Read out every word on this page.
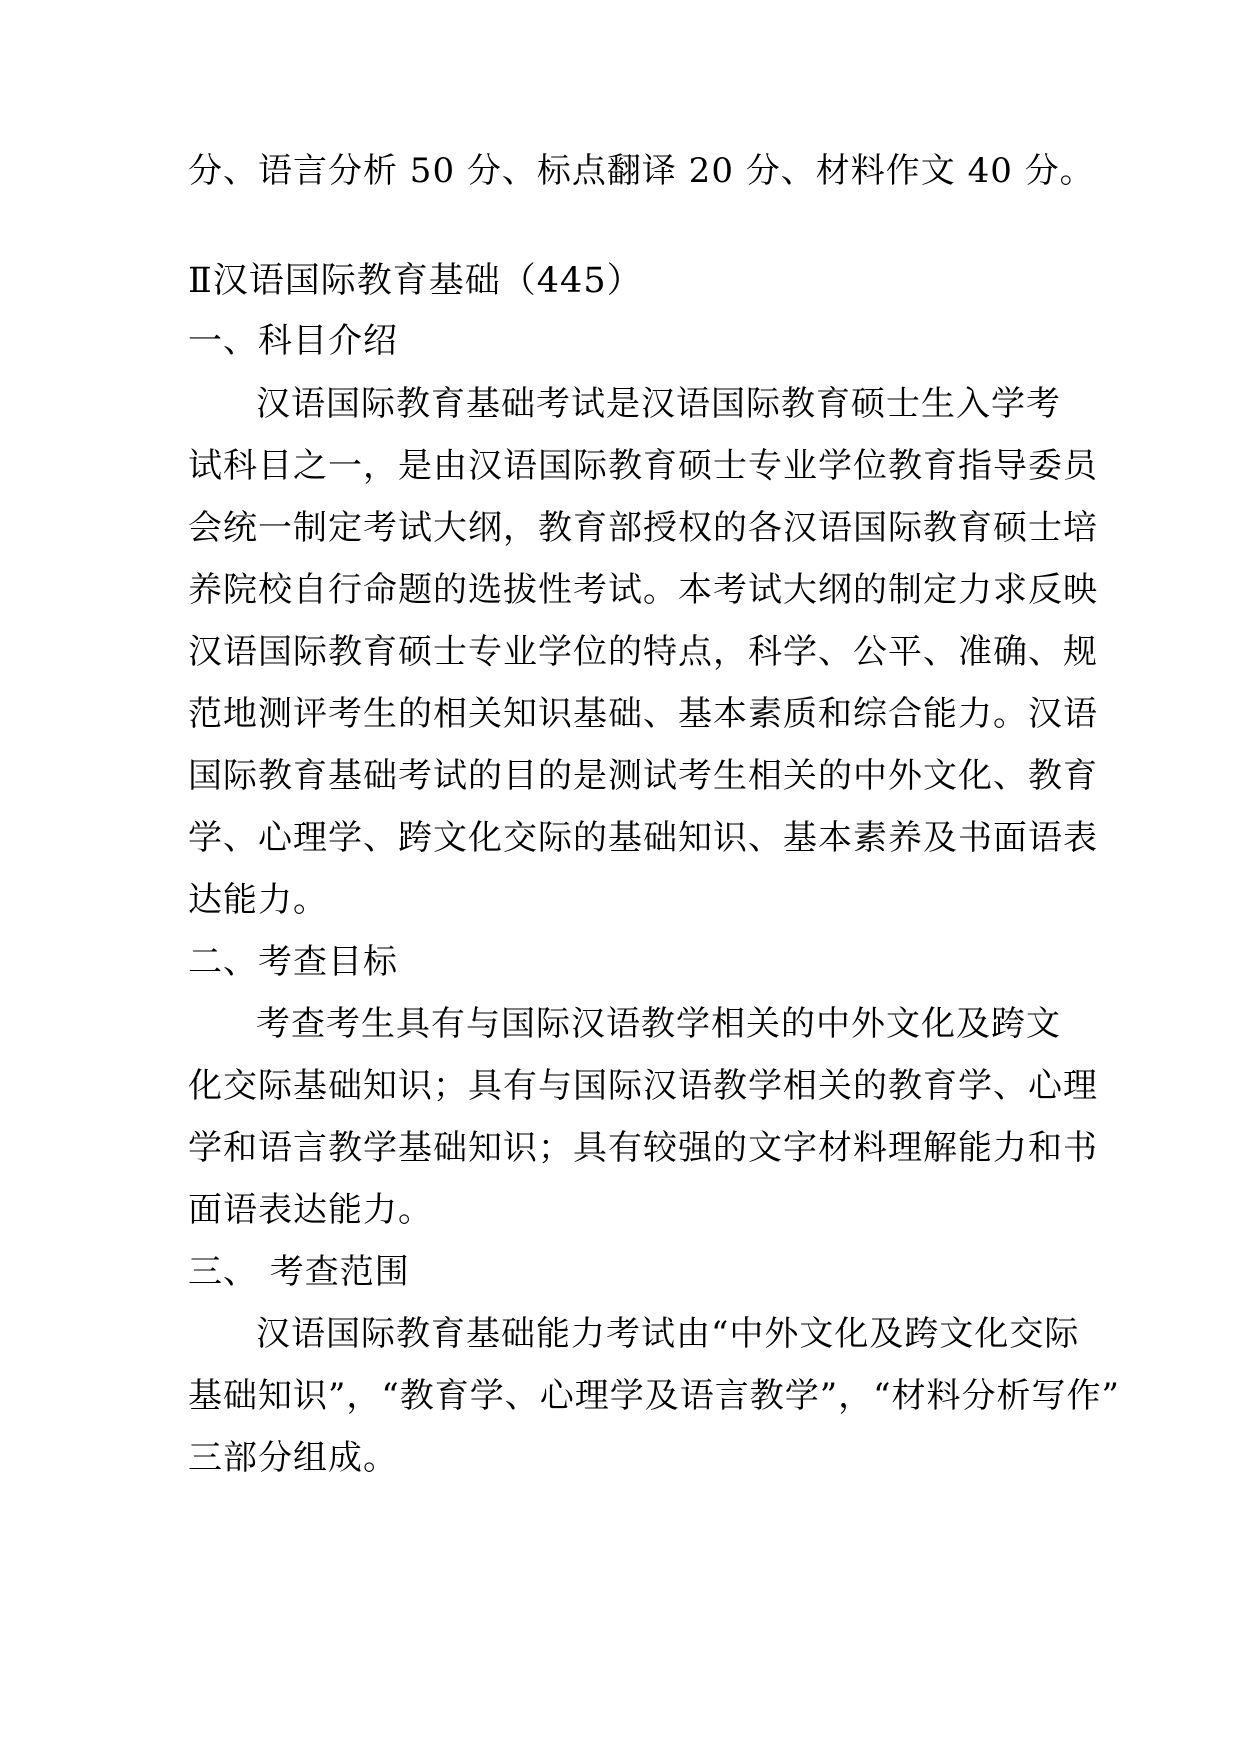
分、语言分析 50 分、标点翻译 20 分、材料作文 40 分。
Ⅱ汉语国际教育基础（445）
一、科目介绍
汉语国际教育基础考试是汉语国际教育硕士生入学考
试科目之一，是由汉语国际教育硕士专业学位教育指导委员
会统一制定考试大纲，教育部授权的各汉语国际教育硕士培
养院校自行命题的选拔性考试。本考试大纲的制定力求反映
汉语国际教育硕士专业学位的特点，科学、公平、准确、规
范地测评考生的相关知识基础、基本素质和综合能力。汉语
国际教育基础考试的目的是测试考生相关的中外文化、教育
学、心理学、跨文化交际的基础知识、基本素养及书面语表
达能力。
二、考查目标
考查考生具有与国际汉语教学相关的中外文化及跨文
化交际基础知识；具有与国际汉语教学相关的教育学、心理
学和语言教学基础知识；具有较强的文字材料理解能力和书
面语表达能力。
三、 考查范围
汉语国际教育基础能力考试由“中外文化及跨文化交际
基础知识”，“教育学、心理学及语言教学”，“材料分析写作”
三部分组成。
